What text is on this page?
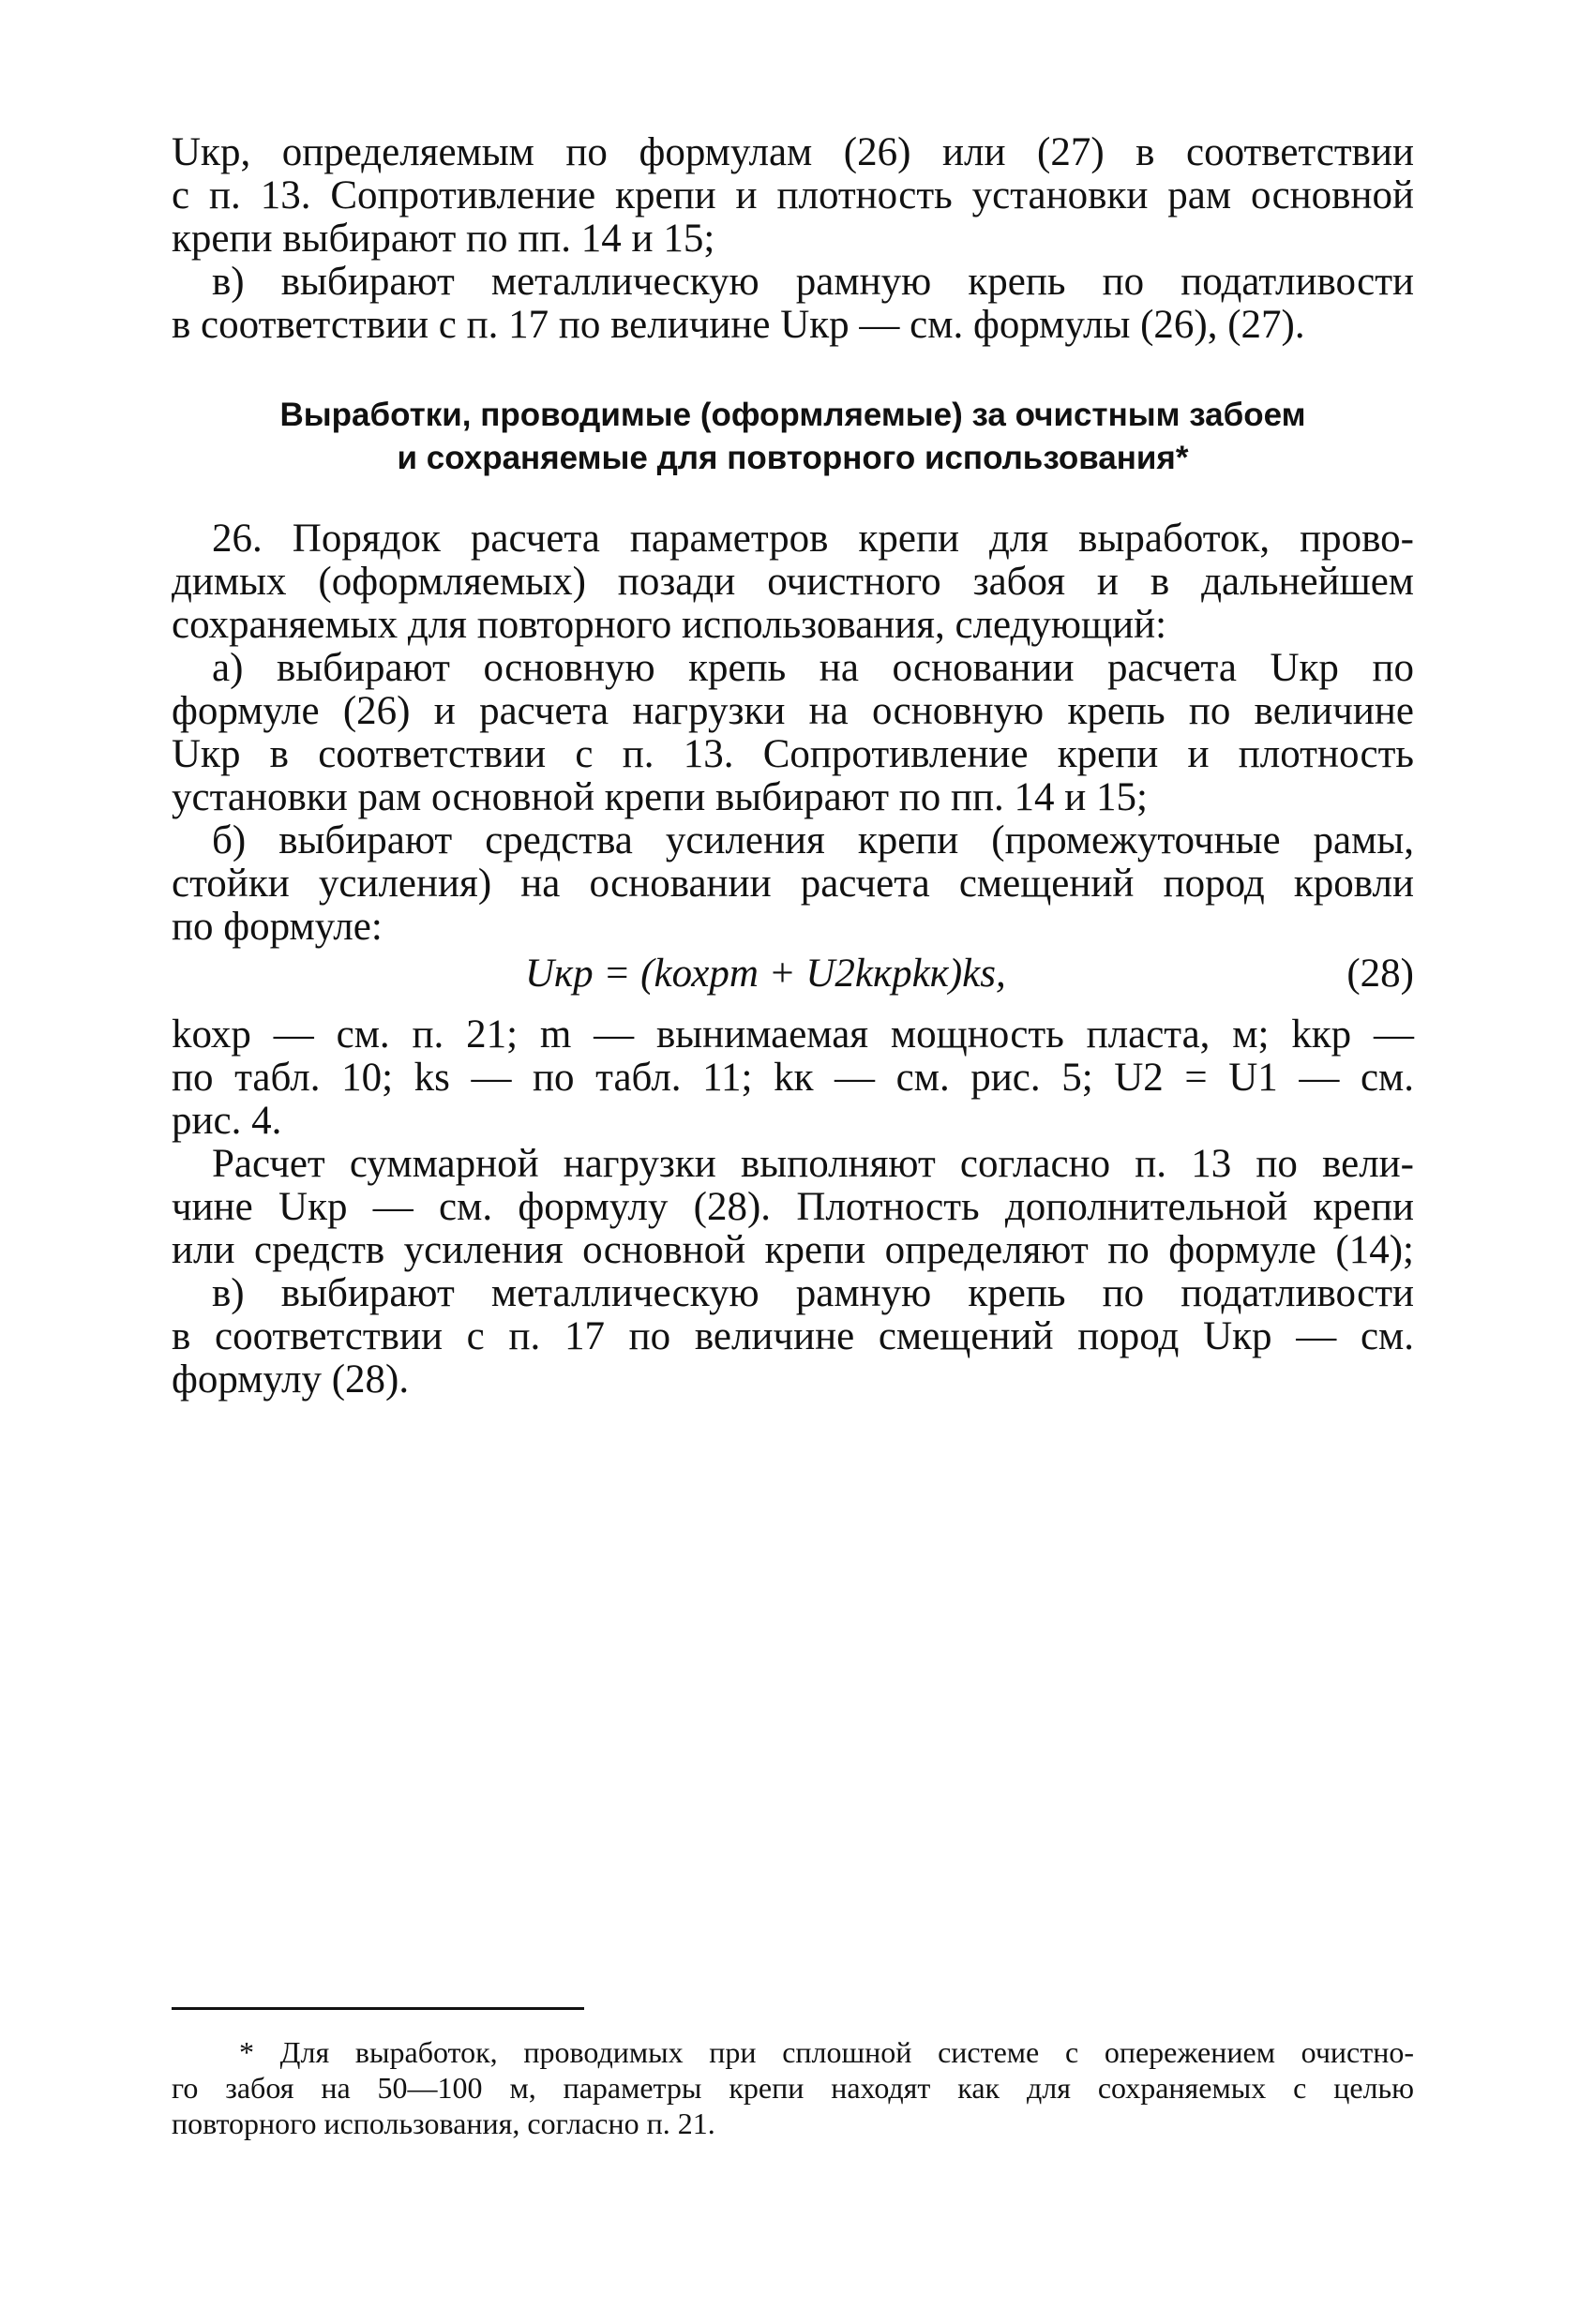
Uкр, определяемым по формулам (26) или (27) в соответствии
с п. 13. Сопротивление крепи и плотность установки рам основной
крепи выбирают по пп. 14 и 15;
в) выбирают металлическую рамную крепь по податливости
в соответствии с п. 17 по величине Uкр — см. формулы (26), (27).
Выработки, проводимые (оформляемые) за очистным забоем
и сохраняемые для повторного использования*
26. Порядок расчета параметров крепи для выработок, прово-
димых (оформляемых) позади очистного забоя и в дальнейшем
сохраняемых для повторного использования, следующий:
а) выбирают основную крепь на основании расчета Uкр по
формуле (26) и расчета нагрузки на основную крепь по величине
Uкр в соответствии с п. 13. Сопротивление крепи и плотность
установки рам основной крепи выбирают по пп. 14 и 15;
б) выбирают средства усиления крепи (промежуточные рамы,
стойки усиления) на основании расчета смещений пород кровли
по формуле:
Uкр = (kохрm + U2kкрkк)ks,	(28)
kохр — см. п. 21; m — вынимаемая мощность пласта, м; kкр —
по табл. 10; ks — по табл. 11; kк — см. рис. 5; U2 = U1 — см.
рис. 4.
Расчет суммарной нагрузки выполняют согласно п. 13 по вели-
чине Uкр — см. формулу (28). Плотность дополнительной крепи
или средств усиления основной крепи определяют по формуле (14);
в) выбирают металлическую рамную крепь по податливости
в соответствии с п. 17 по величине смещений пород Uкр — см.
формулу (28).
* Для выработок, проводимых при сплошной системе с опережением очистно-
го забоя на 50—100 м, параметры крепи находят как для сохраняемых с целью
повторного использования, согласно п. 21.
